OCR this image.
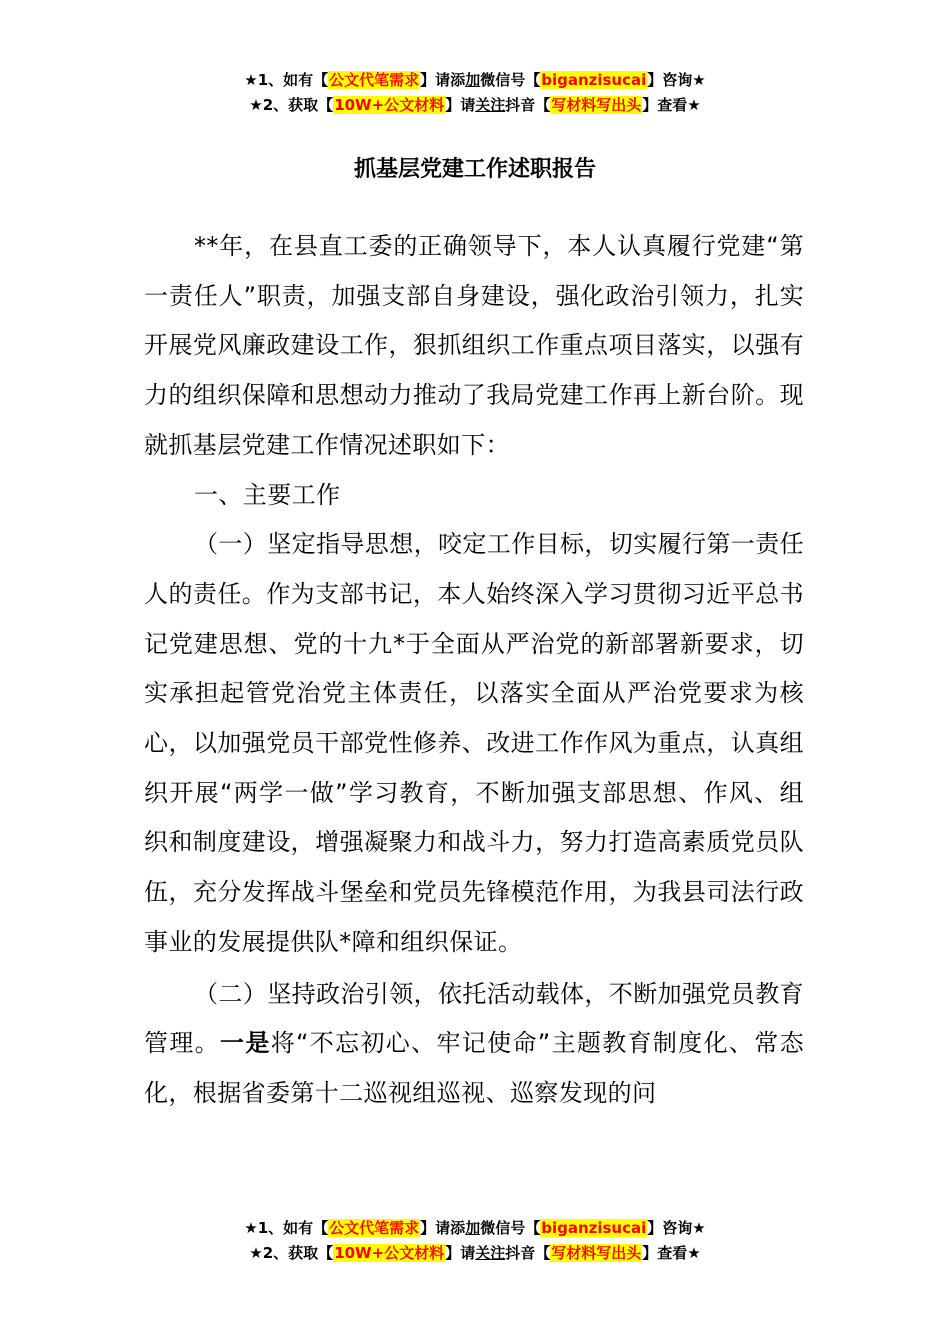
★1、如有【公文代笔需求】请添加微信号【biganzisucai】咨询★
★2、获取【10W+公文材料】请关注抖音【写材料写出头】查看★
抓基层党建工作述职报告

**年，在县直工委的正确领导下，本人认真履行党建“第一责任人”职责，加强支部自身建设，强化政治引领力，扎实开展党风廉政建设工作，狠抓组织工作重点项目落实，以强有力的组织保障和思想动力推动了我局党建工作再上新台阶。现就抓基层党建工作情况述职如下：

一、主要工作

（一）坚定指导思想，咬定工作目标，切实履行第一责任人的责任。作为支部书记，本人始终深入学习贯彻习近平总书记党建思想、党的十九*于全面从严治党的新部署新要求，切实承担起管党治党主体责任，以落实全面从严治党要求为核心，以加强党员干部党性修养、改进工作作风为重点，认真组织开展“两学一做”学习教育，不断加强支部思想、作风、组织和制度建设，增强凝聚力和战斗力，努力打造高素质党员队伍，充分发挥战斗堡垒和党员先锋模范作用，为我县司法行政事业的发展提供队*障和组织保证。

（二）坚持政治引领，依托活动载体，不断加强党员教育管理。一是将“不忘初心、牢记使命”主题教育制度化、常态化，根据省委第十二巡视组巡视、巡察发现的问

★1、如有【公文代笔需求】请添加微信号【biganzisucai】咨询★
★2、获取【10W+公文材料】请关注抖音【写材料写出头】查看★
